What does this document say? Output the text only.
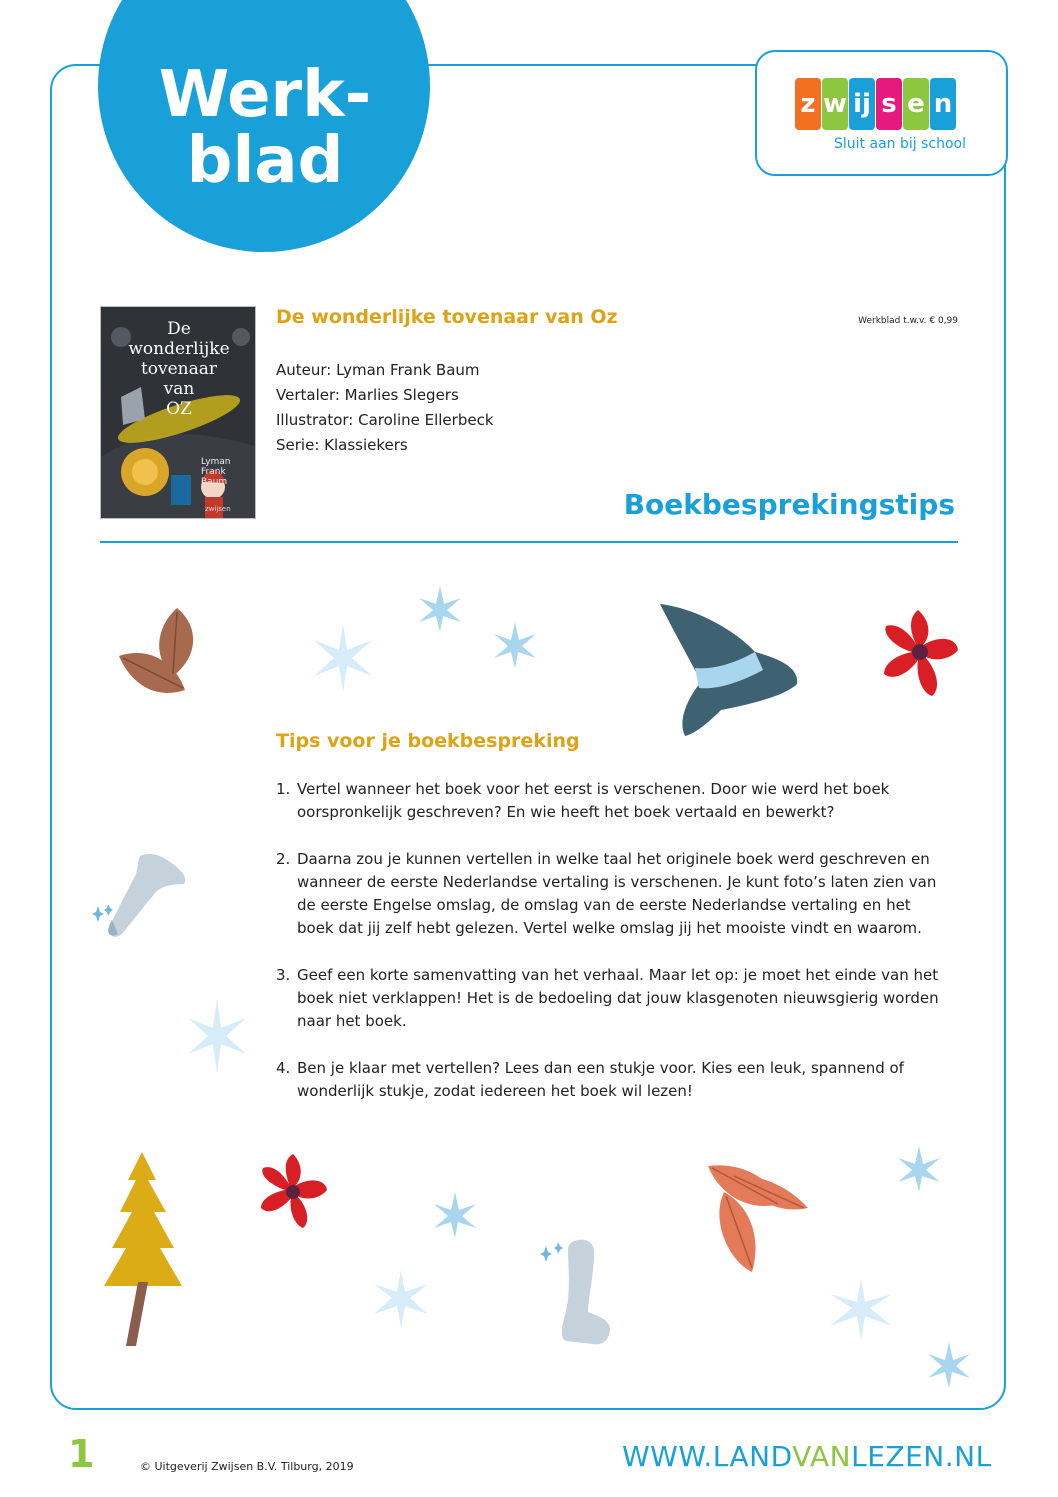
Werk-
blad
z w ij s e n
Sluit aan bij school
De
wonderlijke
tovenaar
van
OZ
Lyman
Frank Baum
zwijsen
De wonderlijke tovenaar van Oz	Werkblad t.w.v. € 0,99
Auteur: Lyman Frank Baum
Vertaler: Marlies Slegers
Illustrator: Caroline Ellerbeck
Serie: Klassiekers
Boekbesprekingstips
Tips voor je boekbespreking
1. Vertel wanneer het boek voor het eerst is verschenen. Door wie werd het boek oorspronkelijk geschreven? En wie heeft het boek vertaald en bewerkt?
2. Daarna zou je kunnen vertellen in welke taal het originele boek werd geschreven en wanneer de eerste Nederlandse vertaling is verschenen. Je kunt foto’s laten zien van de eerste Engelse omslag, de omslag van de eerste Nederlandse vertaling en het boek dat jij zelf hebt gelezen. Vertel welke omslag jij het mooiste vindt en waarom.
3. Geef een korte samenvatting van het verhaal. Maar let op: je moet het einde van het boek niet verklappen! Het is de bedoeling dat jouw klasgenoten nieuwsgierig worden naar het boek.
4. Ben je klaar met vertellen? Lees dan een stukje voor. Kies een leuk, spannend of wonderlijk stukje, zodat iedereen het boek wil lezen!
1	© Uitgeverij Zwijsen B.V. Tilburg, 2019	WWW.LANDVANLEZEN.NL
